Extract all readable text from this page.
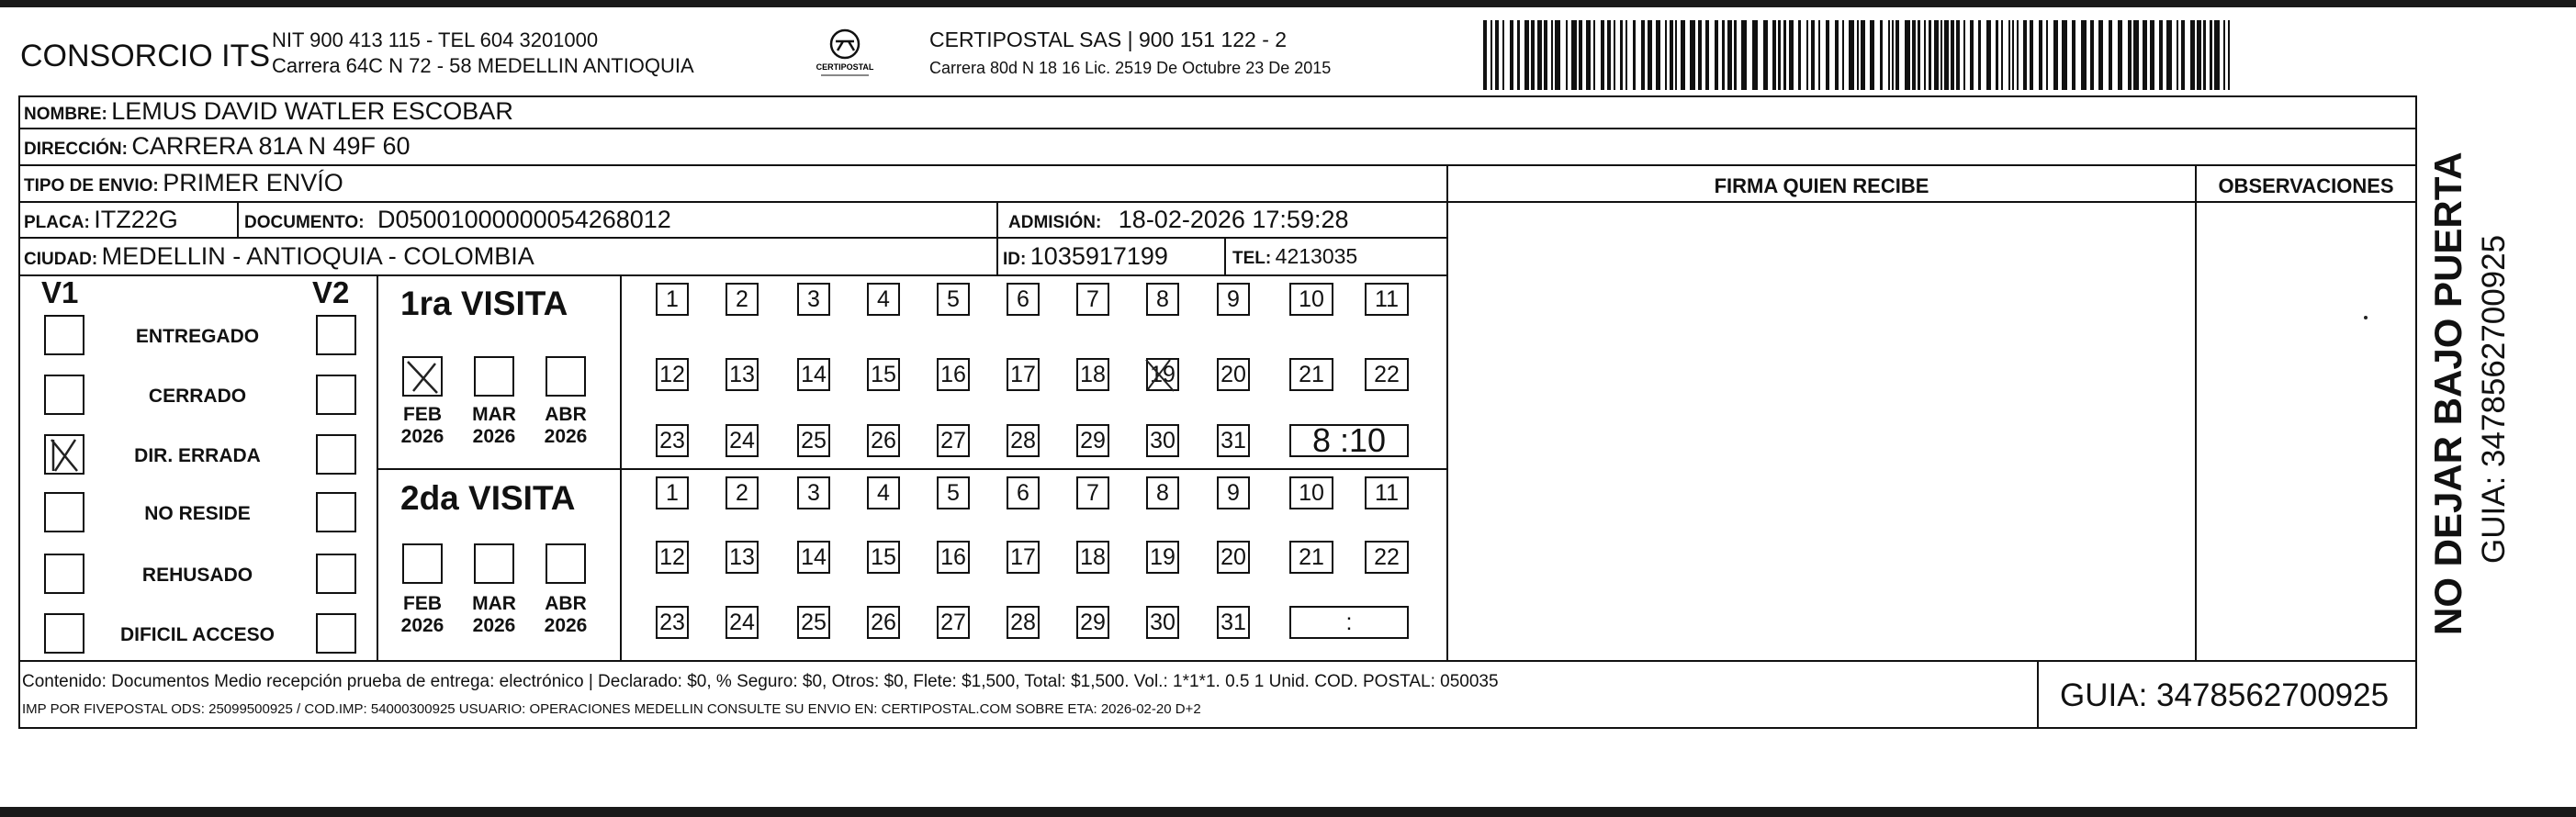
CONSORCIO ITS NIT 900 413 115 - TEL 604 3201000
Carrera 64C N 72 - 58 MEDELLIN ANTIOQUIA	CERTIPOSTAL
CERTIPOSTAL SAS | 900 151 122 - 2
Carrera 80d N 18 16 Lic. 2519 De Octubre 23 De 2015
NOMBRE: LEMUS DAVID WATLER ESCOBAR
DIRECCIÓN: CARRERA 81A N 49F 60
TIPO DE ENVIO: PRIMER ENVÍO
PLACA: ITZ22G	DOCUMENTO: D05001000000054268012	ADMISIÓN: 18-02-2026 17:59:28
CIUDAD: MEDELLIN - ANTIOQUIA - COLOMBIA	ID: 1035917199	TEL: 4213035
FIRMA QUIEN RECIBE	OBSERVACIONES
V1	V2
ENTREGADO
CERRADO
DIR. ERRADA
NO RESIDE
REHUSADO
DIFICIL ACCESO
1ra VISITA
FEB
2026
MAR
2026
ABR
2026
1	2	3	4	5	6	7	8	9	10	11
12 13 14 15 16 17 18 19 20	21	22
23 24 25 26 27 28 29 30 31	8 :10
2da VISITA
FEB
2026
MAR
2026
ABR
2026
1	2	3	4	5	6	7	8	9	10	11
12 13 14 15 16 17 18 19 20	21	22
23 24 25 26 27 28 29 30 31	:
Contenido: Documentos Medio recepción prueba de entrega: electrónico | Declarado: $0, % Seguro: $0, Otros: $0, Flete: $1,500, Total: $1,500. Vol.: 1*1*1. 0.5 1 Unid. COD. POSTAL: 050035
IMP POR FIVEPOSTAL ODS: 25099500925 / COD.IMP: 54000300925 USUARIO: OPERACIONES MEDELLIN CONSULTE SU ENVIO EN: CERTIPOSTAL.COM SOBRE ETA: 2026-02-20 D+2	GUIA: 3478562700925
NO DEJAR BAJO PUERTA GUIA: 3478562700925
